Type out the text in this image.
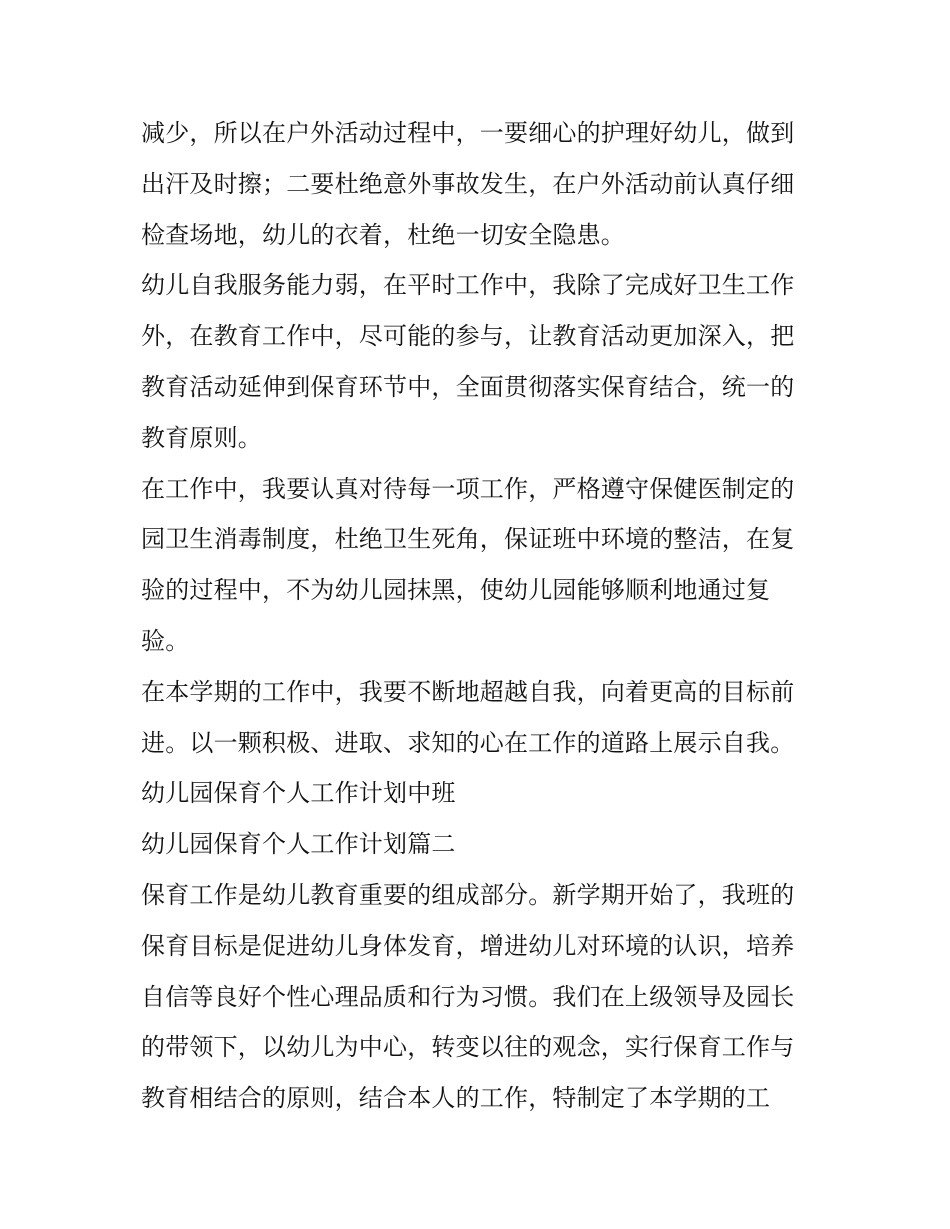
减少，所以在户外活动过程中，一要细心的护理好幼儿，做到
出汗及时擦；二要杜绝意外事故发生，在户外活动前认真仔细
检查场地，幼儿的衣着，杜绝一切安全隐患。
幼儿自我服务能力弱，在平时工作中，我除了完成好卫生工作
外，在教育工作中，尽可能的参与，让教育活动更加深入，把
教育活动延伸到保育环节中，全面贯彻落实保育结合，统一的
教育原则。
在工作中，我要认真对待每一项工作，严格遵守保健医制定的
园卫生消毒制度，杜绝卫生死角，保证班中环境的整洁，在复
验的过程中，不为幼儿园抹黑，使幼儿园能够顺利地通过复
验。
在本学期的工作中，我要不断地超越自我，向着更高的目标前
进。以一颗积极、进取、求知的心在工作的道路上展示自我。
幼儿园保育个人工作计划中班
幼儿园保育个人工作计划篇二
保育工作是幼儿教育重要的组成部分。新学期开始了，我班的
保育目标是促进幼儿身体发育，增进幼儿对环境的认识，培养
自信等良好个性心理品质和行为习惯。我们在上级领导及园长
的带领下，以幼儿为中心，转变以往的观念，实行保育工作与
教育相结合的原则，结合本人的工作，特制定了本学期的工
